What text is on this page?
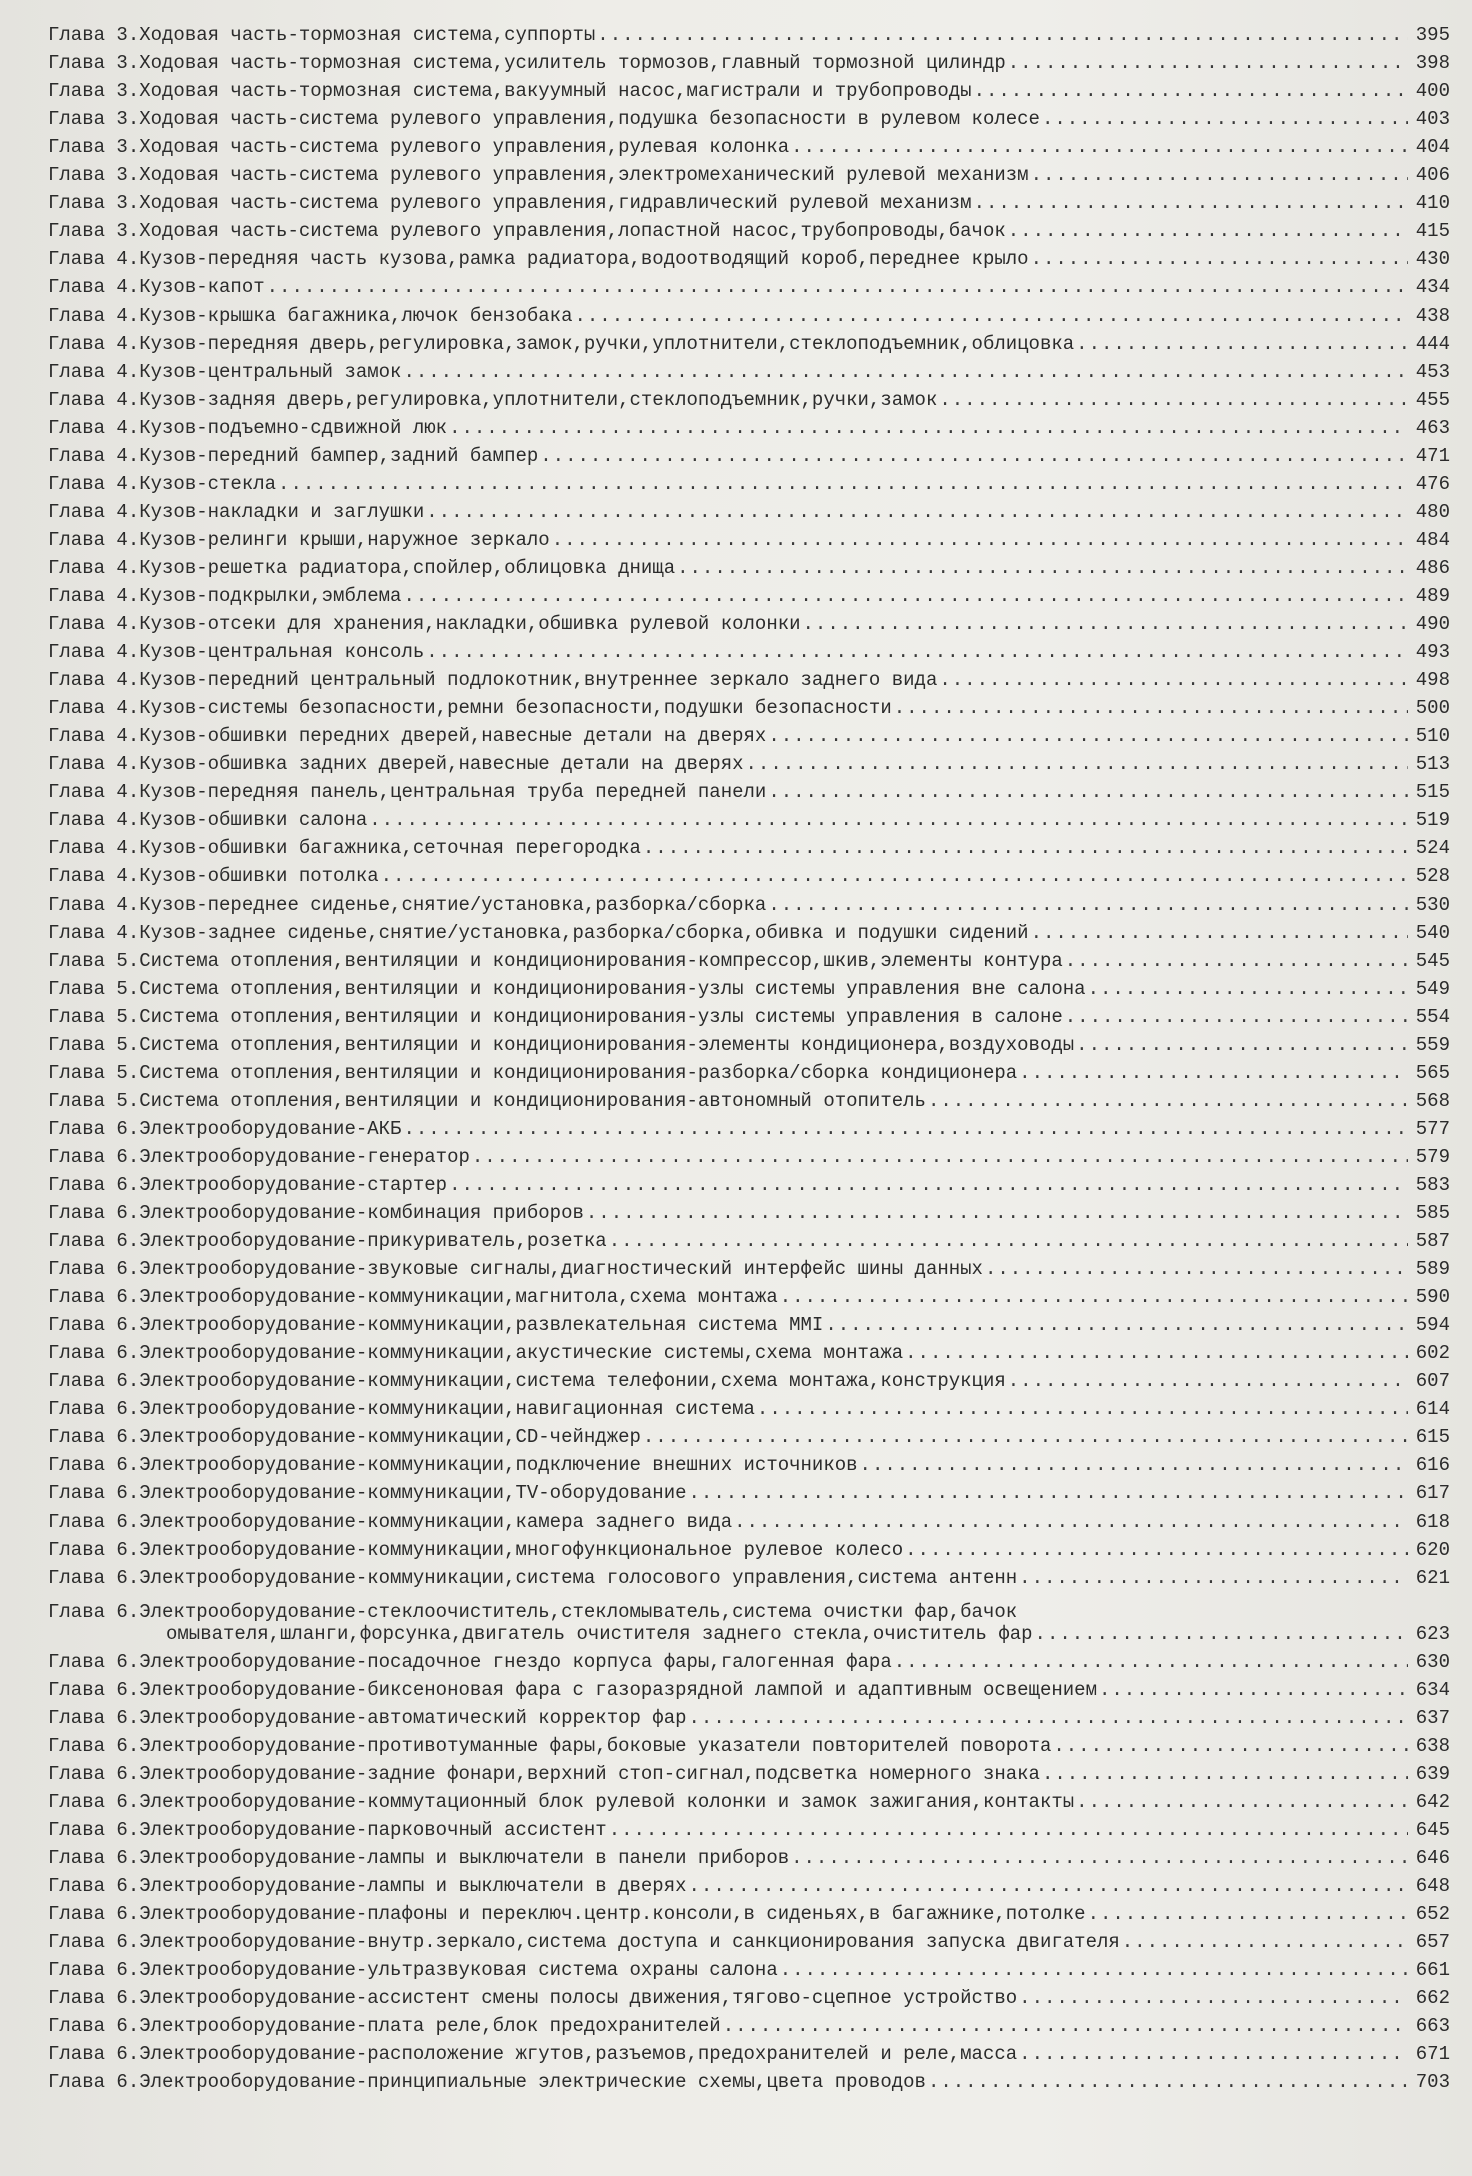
Глава 3.Ходовая часть-тормозная система,суппорты .....	395
Глава 3.Ходовая часть-тормозная система,усилитель тормозов,главный тормозной цилиндр .....	398
Глава 3.Ходовая часть-тормозная система,вакуумный насос,магистрали и трубопроводы .....	400
Глава 3.Ходовая часть-система рулевого управления,подушка безопасности в рулевом колесе .....	403
Глава 3.Ходовая часть-система рулевого управления,рулевая колонка .....	404
Глава 3.Ходовая часть-система рулевого управления,электромеханический рулевой механизм .....	406
Глава 3.Ходовая часть-система рулевого управления,гидравлический рулевой механизм .....	410
Глава 3.Ходовая часть-система рулевого управления,лопастной насос,трубопроводы,бачок .....	415
Глава 4.Кузов-передняя часть кузова,рамка радиатора,водоотводящий короб,переднее крыло .....	430
Глава 4.Кузов-капот .....	434
Глава 4.Кузов-крышка багажника,лючок бензобака .....	438
Глава 4.Кузов-передняя дверь,регулировка,замок,ручки,уплотнители,стеклоподъемник,облицовка .....	444
Глава 4.Кузов-центральный замок .....	453
Глава 4.Кузов-задняя дверь,регулировка,уплотнители,стеклоподъемник,ручки,замок .....	455
Глава 4.Кузов-подъемно-сдвижной люк .....	463
Глава 4.Кузов-передний бампер,задний бампер .....	471
Глава 4.Кузов-стекла .....	476
Глава 4.Кузов-накладки и заглушки .....	480
Глава 4.Кузов-релинги крыши,наружное зеркало .....	484
Глава 4.Кузов-решетка радиатора,спойлер,облицовка днища .....	486
Глава 4.Кузов-подкрылки,эмблема .....	489
Глава 4.Кузов-отсеки для хранения,накладки,обшивка рулевой колонки .....	490
Глава 4.Кузов-центральная консоль .....	493
Глава 4.Кузов-передний центральный подлокотник,внутреннее зеркало заднего вида .....	498
Глава 4.Кузов-системы безопасности,ремни безопасности,подушки безопасности .....	500
Глава 4.Кузов-обшивки передних дверей,навесные детали на дверях .....	510
Глава 4.Кузов-обшивка задних дверей,навесные детали на дверях .....	513
Глава 4.Кузов-передняя панель,центральная труба передней панели .....	515
Глава 4.Кузов-обшивки салона .....	519
Глава 4.Кузов-обшивки багажника,сеточная перегородка .....	524
Глава 4.Кузов-обшивки потолка .....	528
Глава 4.Кузов-переднее сиденье,снятие/установка,разборка/сборка .....	530
Глава 4.Кузов-заднее сиденье,снятие/установка,разборка/сборка,обивка и подушки сидений .....	540
Глава 5.Система отопления,вентиляции и кондиционирования-компрессор,шкив,элементы контура .....	545
Глава 5.Система отопления,вентиляции и кондиционирования-узлы системы управления вне салона .....	549
Глава 5.Система отопления,вентиляции и кондиционирования-узлы системы управления в салоне .....	554
Глава 5.Система отопления,вентиляции и кондиционирования-элементы кондиционера,воздуховоды .....	559
Глава 5.Система отопления,вентиляции и кондиционирования-разборка/сборка кондиционера .....	565
Глава 5.Система отопления,вентиляции и кондиционирования-автономный отопитель .....	568
Глава 6.Электрооборудование-АКБ .....	577
Глава 6.Электрооборудование-генератор .....	579
Глава 6.Электрооборудование-стартер .....	583
Глава 6.Электрооборудование-комбинация приборов .....	585
Глава 6.Электрооборудование-прикуриватель,розетка .....	587
Глава 6.Электрооборудование-звуковые сигналы,диагностический интерфейс шины данных .....	589
Глава 6.Электрооборудование-коммуникации,магнитола,схема монтажа .....	590
Глава 6.Электрооборудование-коммуникации,развлекательная система MMI .....	594
Глава 6.Электрооборудование-коммуникации,акустические системы,схема монтажа .....	602
Глава 6.Электрооборудование-коммуникации,система телефонии,схема монтажа,конструкция .....	607
Глава 6.Электрооборудование-коммуникации,навигационная система .....	614
Глава 6.Электрооборудование-коммуникации,CD-чейнджер .....	615
Глава 6.Электрооборудование-коммуникации,подключение внешних источников .....	616
Глава 6.Электрооборудование-коммуникации,TV-оборудование .....	617
Глава 6.Электрооборудование-коммуникации,камера заднего вида .....	618
Глава 6.Электрооборудование-коммуникации,многофункциональное рулевое колесо .....	620
Глава 6.Электрооборудование-коммуникации,система голосового управления,система антенн .....	621
Глава 6.Электрооборудование-стеклоочиститель,стекломыватель,система очистки фар,бачок
омывателя,шланги,форсунка,двигатель очистителя заднего стекла,очиститель фар .....	623
Глава 6.Электрооборудование-посадочное гнездо корпуса фары,галогенная фара .....	630
Глава 6.Электрооборудование-биксеноновая фара с газоразрядной лампой и адаптивным освещением .....	634
Глава 6.Электрооборудование-автоматический корректор фар .....	637
Глава 6.Электрооборудование-противотуманные фары,боковые указатели повторителей поворота .....	638
Глава 6.Электрооборудование-задние фонари,верхний стоп-сигнал,подсветка номерного знака .....	639
Глава 6.Электрооборудование-коммутационный блок рулевой колонки и замок зажигания,контакты .....	642
Глава 6.Электрооборудование-парковочный ассистент .....	645
Глава 6.Электрооборудование-лампы и выключатели в панели приборов .....	646
Глава 6.Электрооборудование-лампы и выключатели в дверях .....	648
Глава 6.Электрооборудование-плафоны и переключ.центр.консоли,в сиденьях,в багажнике,потолке .....	652
Глава 6.Электрооборудование-внутр.зеркало,система доступа и санкционирования запуска двигателя .....	657
Глава 6.Электрооборудование-ультразвуковая система охраны салона .....	661
Глава 6.Электрооборудование-ассистент смены полосы движения,тягово-сцепное устройство .....	662
Глава 6.Электрооборудование-плата реле,блок предохранителей .....	663
Глава 6.Электрооборудование-расположение жгутов,разъемов,предохранителей и реле,масса .....	671
Глава 6.Электрооборудование-принципиальные электрические схемы,цвета проводов .....	703
